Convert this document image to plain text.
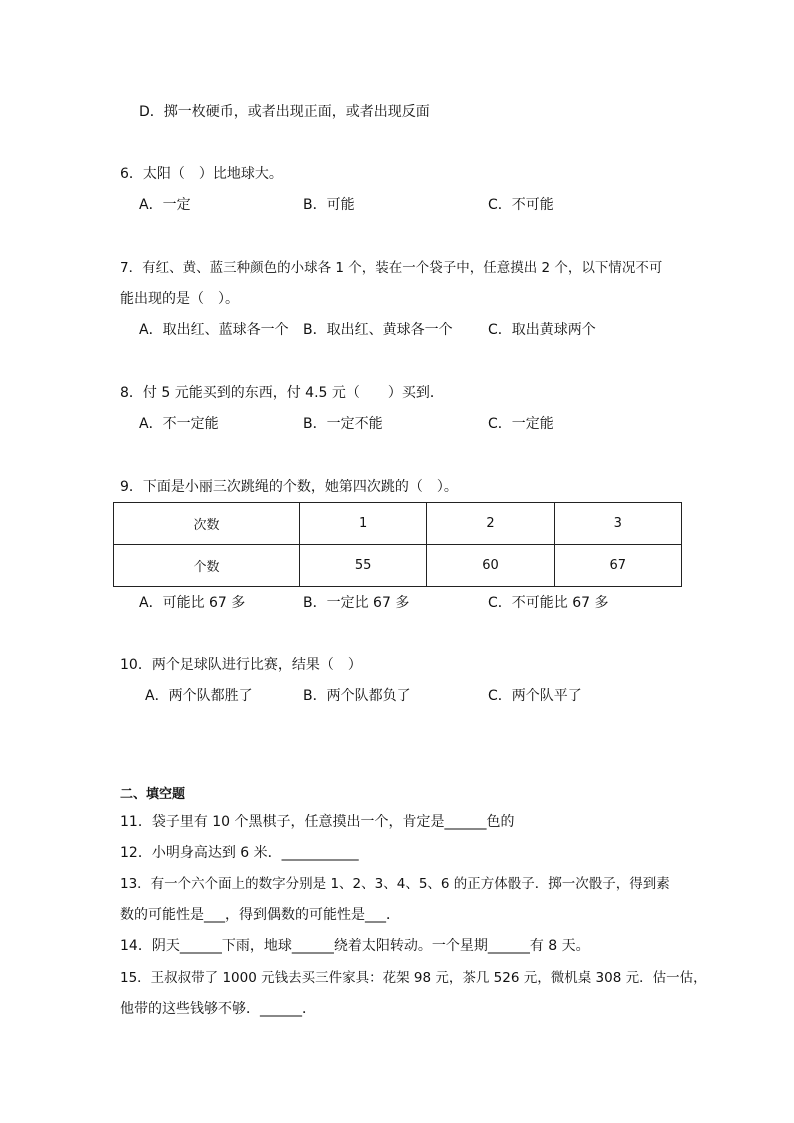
D．掷一枚硬币，或者出现正面，或者出现反面
6．太阳（　）比地球大。
A．一定	B．可能	C．不可能
7．有红、黄、蓝三种颜色的小球各 1 个，装在一个袋子中，任意摸出 2 个，以下情况不可
能出现的是（　）。
A．取出红、蓝球各一个 B．取出红、黄球各一个	C．取出黄球两个
8．付 5 元能买到的东西，付 4.5 元（　　）买到．
A．不一定能	B．一定不能	C．一定能
9．下面是小丽三次跳绳的个数，她第四次跳的（　）。
次数	1	2	3
个数	55	60	67
A．可能比 67 多	B．一定比 67 多	C．不可能比 67 多
10．两个足球队进行比赛，结果（　）
A．两个队都胜了	B．两个队都负了	C．两个队平了
二、填空题
11．袋子里有 10 个黑棋子，任意摸出一个，肯定是______色的
12．小明身高达到 6 米．___________
13．有一个六个面上的数字分别是 1、2、3、4、5、6 的正方体骰子．掷一次骰子，得到素
数的可能性是___，得到偶数的可能性是___．
14．阴天______下雨，地球______绕着太阳转动。一个星期______有 8 天。
15．王叔叔带了 1000 元钱去买三件家具：花架 98 元，茶几 526 元，微机桌 308 元．估一估，
他带的这些钱够不够．______．
